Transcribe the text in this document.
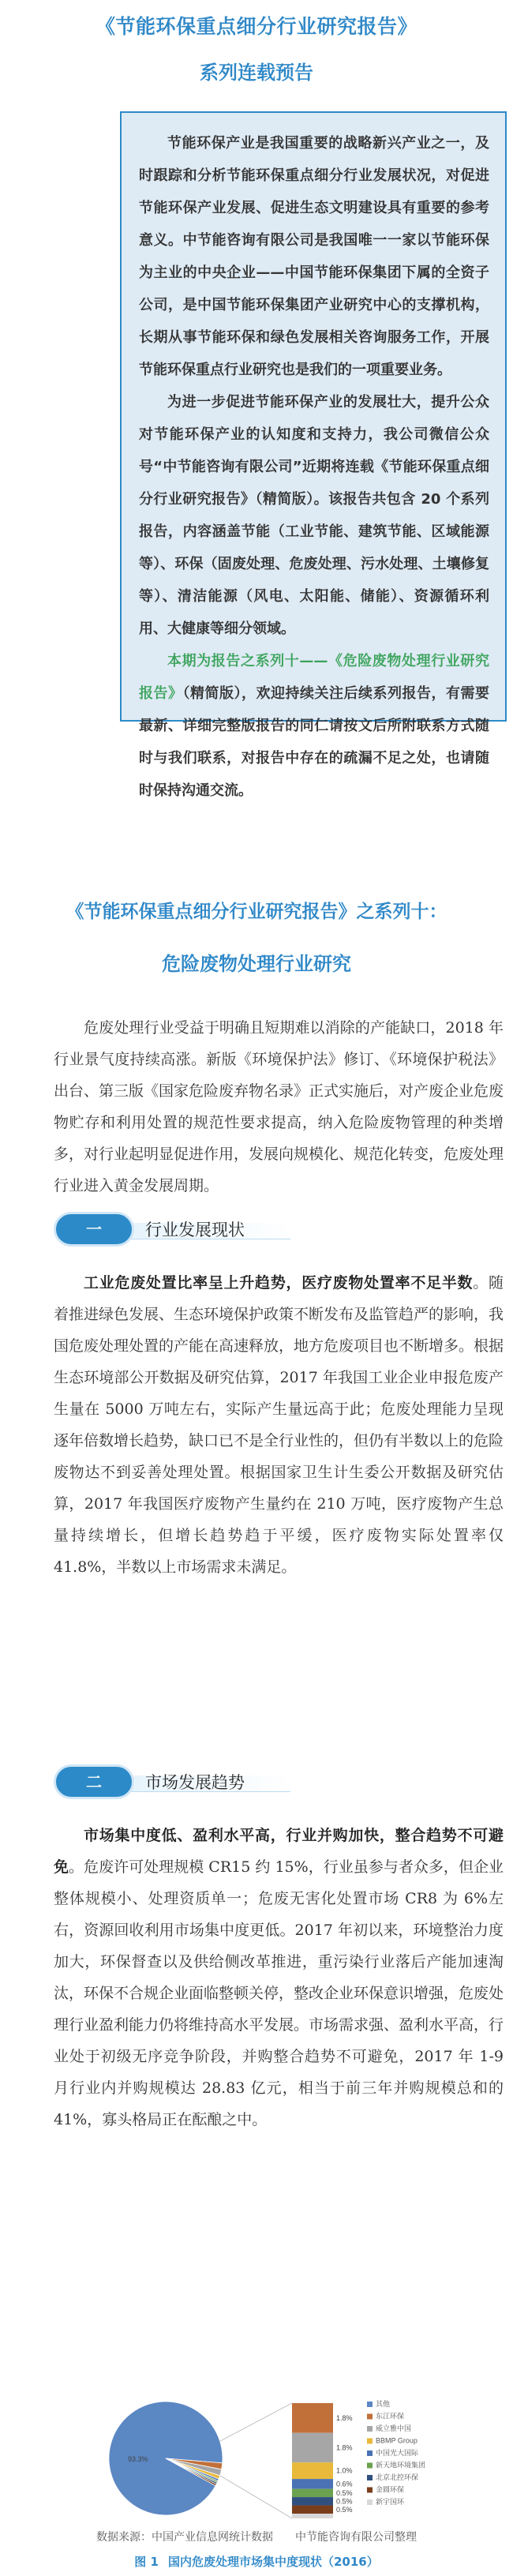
《节能环保重点细分行业研究报告》
系列连载预告

节能环保产业是我国重要的战略新兴产业之一，及时跟踪和分析节能环保重点细分行业发展状况，对促进节能环保产业发展、促进生态文明建设具有重要的参考意义。中节能咨询有限公司是我国唯一一家以节能环保为主业的中央企业——中国节能环保集团下属的全资子公司，是中国节能环保集团产业研究中心的支撑机构，长期从事节能环保和绿色发展相关咨询服务工作，开展节能环保重点行业研究也是我们的一项重要业务。

为进一步促进节能环保产业的发展壮大，提升公众对节能环保产业的认知度和支持力，我公司微信公众号“中节能咨询有限公司”近期将连载《节能环保重点细分行业研究报告》（精简版）。该报告共包含 20 个系列报告，内容涵盖节能（工业节能、建筑节能、区域能源等）、环保（固废处理、危废处理、污水处理、土壤修复等）、清洁能源（风电、太阳能、储能）、资源循环利用、大健康等细分领域。

本期为报告之系列十——《危险废物处理行业研究报告》（精简版），欢迎持续关注后续系列报告，有需要最新、详细完整版报告的同仁请按文后所附联系方式随时与我们联系，对报告中存在的疏漏不足之处，也请随时保持沟通交流。

《节能环保重点细分行业研究报告》之系列十：
危险废物处理行业研究

危废处理行业受益于明确且短期难以消除的产能缺口，2018 年行业景气度持续高涨。新版《环境保护法》修订、《环境保护税法》出台、第三版《国家危险废弃物名录》正式实施后，对产废企业危废物贮存和利用处置的规范性要求提高，纳入危险废物管理的种类增多，对行业起明显促进作用，发展向规模化、规范化转变，危废处理行业进入黄金发展周期。

一	行业发展现状

工业危废处置比率呈上升趋势，医疗废物处置率不足半数。随着推进绿色发展、生态环境保护政策不断发布及监管趋严的影响，我国危废处理处置的产能在高速释放，地方危废项目也不断增多。根据生态环境部公开数据及研究估算，2017 年我国工业企业申报危废产生量在 5000 万吨左右，实际产生量远高于此；危废处理能力呈现逐年倍数增长趋势，缺口已不是全行业性的，但仍有半数以上的危险废物达不到妥善处理处置。根据国家卫生计生委公开数据及研究估算，2017 年我国医疗废物产生量约在 210 万吨，医疗废物产生总量持续增长，但增长趋势趋于平缓，医疗废物实际处置率仅 41.8%，半数以上市场需求未满足。

二	市场发展趋势

市场集中度低、盈利水平高，行业并购加快，整合趋势不可避免。危废许可处理规模 CR15 约 15%，行业虽参与者众多，但企业整体规模小、处理资质单一；危废无害化处置市场 CR8 为 6%左右，资源回收利用市场集中度更低。2017 年初以来，环境整治力度加大，环保督查以及供给侧改革推进，重污染行业落后产能加速淘汰，环保不合规企业面临整顿关停，整改企业环保意识增强，危废处理行业盈利能力仍将维持高水平发展。市场需求强、盈利水平高，行业处于初级无序竞争阶段，并购整合趋势不可避免，2017 年 1-9 月行业内并购规模达 28.83 亿元，相当于前三年并购规模总和的 41%，寡头格局正在酝酿之中。

93.3%
1.8%
1.8%
1.0%
0.6%
0.5%
0.5%
0.5%
其他
东江环保
威立雅中国
BBMP Group
中国光大国际
新天地环境集团
北京北控环保
金圆环保
新宇国环
数据来源：中国产业信息网统计数据 中节能咨询有限公司整理
图 1 国内危废处理市场集中度现状（2016）
